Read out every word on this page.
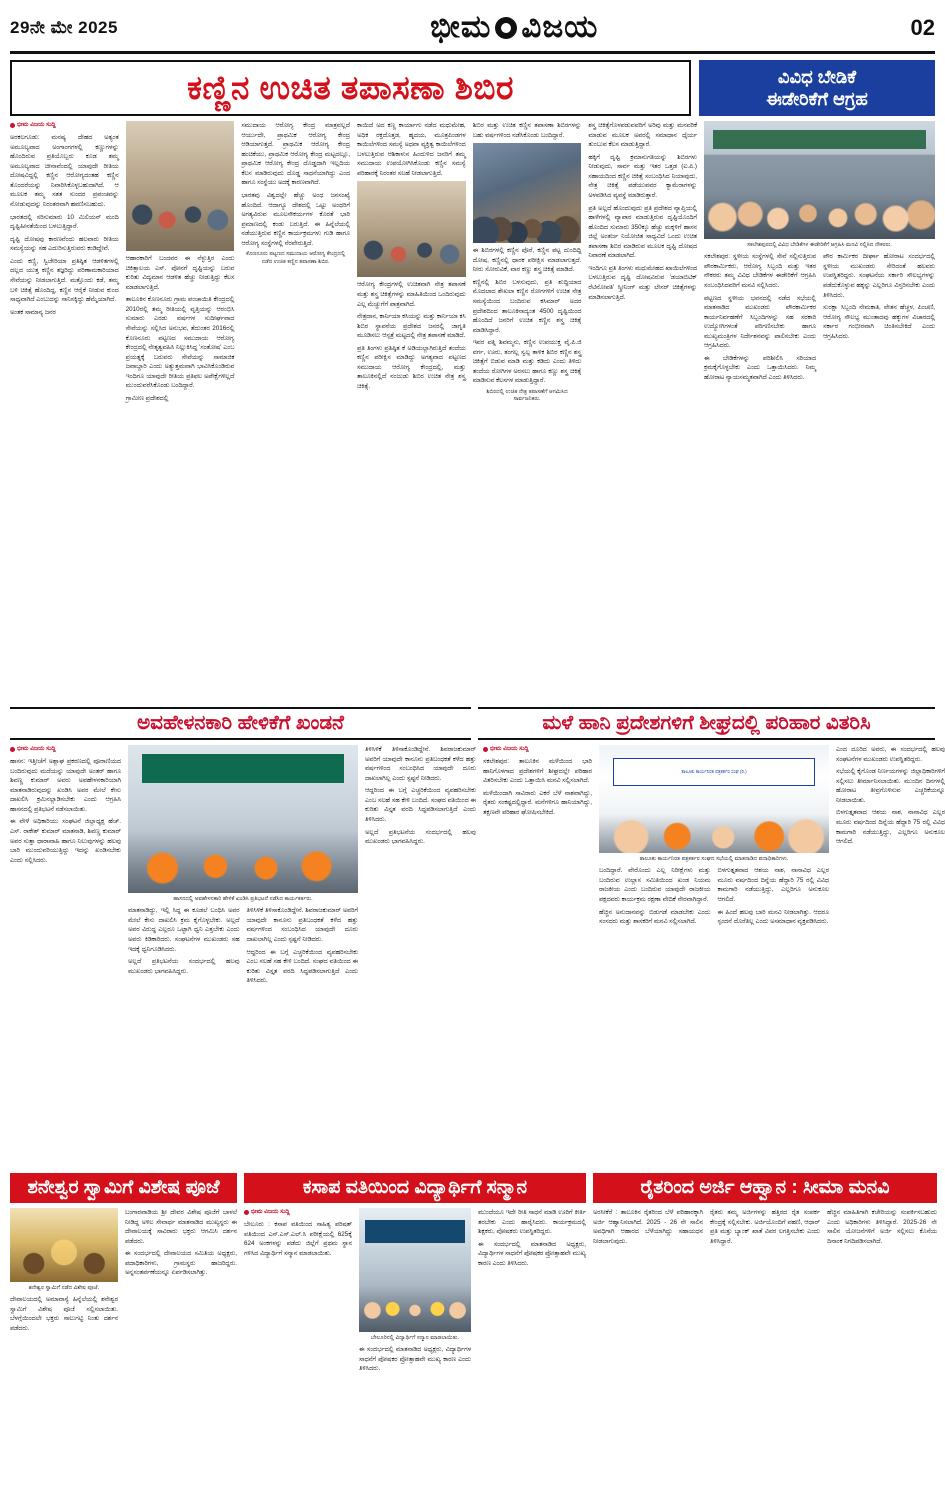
29ನೇ ಮೇ 2025	ಭೀಮ ವಿಜಯ	02
ಕಣ್ಣಿನ ಉಚಿತ ತಪಾಸಣಾ ಶಿಬಿರ	ವಿವಿಧ ಬೇಡಿಕೆ
ಈಡೇರಿಕೆಗೆ ಆಗ್ರಹ
ಭೀಮ ವಿಜಯ ಸುದ್ದಿ

ಅರಕಲಗೂಡು: ಮನಷ್ಯ ದೇಹದ ಅತ್ಯಂತ ಅಮೂಲ್ಯವಾದ ಅಂಗಾಂಗಗಳಲ್ಲಿ ಕಣ್ಣುಗಳನ್ನು ಹೊಂದಿರುವ ಪ್ರತಿಯೊಬ್ಬರು ಕೂಡ ತಮ್ಮ ಅಮೂಲ್ಯವಾದ ಚೀನಾವೆಂದಲ್ಲಿ ಯಾವುದೇ ರೀತಿಯ ದೋಷವಿದ್ದಲ್ಲಿ ಕಣ್ಣಿನ ಆರೋಗ್ಯದಂತಹ ಕಣ್ಣಿನ ತೊಂದರೆಯನ್ನು ನಿವಾರಿಸಿಕೊಳ್ಳಬಹುದಾಗಿದೆ. ಆ ಮೂಲಕ ತಮ್ಮ ಸತತ ಸುಂದರ ಪ್ರಪಂಚವನ್ನು ನೋಡುವುದನ್ನು ನಿರಂತರವಾಗಿ ಹವಣಿಸಬಹುದು.

ಭಾರತದಲ್ಲಿ ಸರಿಸುಮಾರು 10 ಮಿಲಿಯನ್ ಮಂದಿ ದೃಷ್ಟಿಹೀನತೆಯಿಂದ ಬಳಲುತ್ತಿದ್ದಾರೆ.

ದೃಷ್ಟಿ ದೋಷವು ಕಾರಣವೆಂದು ಹಲವಾರು ರೀತಿಯ ಸಮಸ್ಯೆಯನ್ನು ಸಹ ಎದುರಿಸುತ್ತಿರುವರು ಕಂಡಿದ್ದೇವೆ.

ಎಂದು ಕಣ್ಣಿ, ಸ್ವಿಜೇರಿಯಾ ಪ್ರತಿಷ್ಠಿತ ಆಡಳಿತಗಳಲ್ಲಿ ದಲ್ಲದ ಯುತ್ತ ಕಣ್ಣಿನ ತಜ್ಞರಿದ್ದು ಪರಿಣಾಮಕಾರಿಯಾದ ಸೇವೆಯನ್ನು ನೀಡಲಾಗುತ್ತಿದೆ. ಮತ್ತೊಂದು ಕಡೆ, ತಮ್ಮ ಬಳಿ ಚಿಕಿತ್ಸೆ ಹೊಂದಿದ್ದ, ಕಣ್ಣಿನ ಆರೈಕೆ ನೀಡುವ ಕುಂದ ಸಾಧ್ಯವಾಗಿದೆ ಎಂಬುದನ್ನು ಸಾನಿಸಕ್ಕಿದ್ದು ಹೆಮ್ಮೆಯಾಗಿದೆ.

ಅಂತಕ ಸಾಮಾನ್ಯ ಜನರ

ಆಹಾರಕಾರಿಗೆ ಬಂದವರ ಈ ನೆಳ್ಳುತ್ತಿರ ಎಂದು ಚಿಕಿತ್ಸಾಲಯ ಎಸ್. ಪೋನಗೆ ದೃಷ್ಟಿಯನ್ನು ಬರುವ ಕುರಿತು ವಿದ್ಯಮಾನ ಆಡಳಿತ ಹೆಚ್ಚು ನೀಡುತ್ತಿದ್ದು ಕೆಲಸ ಮಾಡಲಾಗುತ್ತಿದೆ.

ತಾಲೂಕಿನ ಕೊಣನೂರು ಗ್ರಾಮ ಪಂಚಾಯಿತಿ ಕೇಂದ್ರದಲ್ಲಿ 2010ರಲ್ಲಿ ತಮ್ಮ ರೀತಿಯಲ್ಲಿ ವೃತ್ತಿಯನ್ನು ಆರಂಭಿಸಿ ಸುಮಾರು ಎರಡು ವರ್ಷಗಳ ಸುದೀರ್ಘವಾದ ಸೇವೆಯನ್ನು ಸಲ್ಲಿಸಿದ ಅನುಭವ, ತೆದುಂತರ 2016ರಲ್ಲಿ ಕೊಣನೂರು ಪಟ್ಟಣದ ಸಮುದಾಯ ಆರೋಗ್ಯ ಕೇಂದ್ರದಲ್ಲಿ ನೇತೃತ್ವವಹಿಸಿ ನಿಲ್ಲುಕಿಸಿದ್ದ 'ಸಂತೋಷ' ಎಂಬ ಪ್ರಯತ್ನಕ್ಕೆ ಬರುವರು ಸೇವೆಯನ್ನು ಸಾಮಾಜಿಕ ಜವಾಬ್ದಾರಿ ಎಂದು ಅತ್ಯುತ್ತಮವಾಗಿ ಭಾವಿಸಿಕೊಂಡಿರುವ ಇಂದಿಗೂ ಯಾವುದೇ ರೀತಿಯ ಪ್ರತಿಫಲ ಅಪೇಕ್ಷೆಗಳಿಲ್ಲದೆ ಮುಂದುವರೆಸಿಕೊಂಡು ಬಂದಿದ್ದಾರೆ.

ಗ್ರಾಮೀಣ ಪ್ರದೇಶದಲ್ಲಿ

ಸಮುದಾಯ ಆರೋಗ್ಯ ಕೇಂದ್ರ ಮಾತ್ರವಲ್ಲದೆ ಆರ್ಯುದೇ, ಪ್ರಾಥಮಿಕ ಆರೋಗ್ಯ ಕೇಂದ್ರ ಆಡಿಯಾಗುತ್ತದೆ. ಪ್ರಾಥಮಿಕ ಆರೋಗ್ಯ ಕೇಂದ್ರ ಹಂಚಿಕೆಯು, ಪ್ರಾಥಮಿಕ ಆರೋಗ್ಯ ಕೇಂದ್ರ ಮಟ್ಟದಲ್ಲೂ, ಪ್ರಾಥಮಿಕ ಆರೋಗ್ಯ ಕೇಂದ್ರ ದೊಡ್ಡದಾಗಿ ಇಲ್ಲದಿಯ ಕೆಲಸ ಮಾಡಿರುವುದು ದೊಡ್ಡ ಸಾಧನೆಯಾಗಿದ್ದು ಎಂದ ಹಾಗೂ ಸಂಸ್ಥೆಯು ಅದಕ್ಕೆ ಕಾರಣವಾಗಿದೆ.

ಭಾರತವು ವಿಶ್ವದಲ್ಲೇ ಹೆಚ್ಚು ಅಂಧ ಜನಸಂಖ್ಯೆ ಹೊಂದಿದೆ. ಆದಾಗ್ಯೂ ದೇಶದಲ್ಲಿ ಒಟ್ಟು ಅಂಧರಿಗೆ ಅಗತ್ಯವಿರುವ ಮೂಲಸೌಕರ್ಯಗಳ ಕೊರತೆ ಭಾರಿ ಪ್ರಮಾಣದಲ್ಲಿ ಕಂಡು ಬರುತ್ತಿದೆ. ಈ ಹಿನ್ನೆಲೆಯಲ್ಲಿ ನಡೆಯುತ್ತಿರುವ ಕಣ್ಣಿನ ಕಾರ್ಯಕ್ರಮಗಳು ಗುಡಿ ಹಾಗೂ ಆರೋಗ್ಯ ಸಂಸ್ಥೆಗಳಲ್ಲಿ ನೆರವೇರುತ್ತಿದೆ.

ಕೊಣನೂರು ಪಟ್ಟಣದ ಸಮುದಾಯ ಆರೋಗ್ಯ ಕೇಂದ್ರದಲ್ಲಿ ನಡೆದ ಉಚಿತ ಕಣ್ಣಿನ ತಪಾಸಣಾ ಶಿಬಿರ.

ಕಾಯಿದೆ ಅದ ಕಣ್ಣ ಕಾರ್ಯಾಗು ನಡೆದ ಮಧುಮೇಹ, ಅಧಿಕ ರಕ್ತದೊತ್ತಡ, ಹೃದಯ, ಮೂತ್ರಪಿಂಡಗಳ ಕಾಯಿಲೆಗಳಿಂದ ಸಮಸ್ಯೆ ಅಧವಾ ವ್ಯಕ್ತಿತ್ವ ಕಾಯಿಲೆಗಳಿಂದ ಬಳಲುತ್ತಿರುವ ಆಶಿಕಾಳುನ ಹಿಂದುಳಿದ ಜನರಿಗೆ ತಮ್ಮ ಸಮುದಾಯ ಉಪಯೋಗಿಸಿಕೊಂಡು ಕಣ್ಣಿನ ಸಮಸ್ಯೆ ಪರಿಹಾರಕ್ಕೆ ನಿರಂತರ ಸಲಹೆ ನೀಡಲಾಗುತ್ತಿದೆ.

ಆರೋಗ್ಯ ಕೇಂದ್ರಗಳಲ್ಲಿ ಉಚಿತವಾಗಿ ನೇತ್ರ ತಪಾಸಣೆ ಮತ್ತು ಶಸ್ತ್ರ ಚಿಕಿತ್ಸೆಗಳನ್ನು ಮಾಹಿತಿಯಿಂದ ಒಂದಿರುವುದು ಎಲ್ಲ ಮೆಚ್ಚುಗೆಗೆ ಪಾತ್ರವಾಗಿದೆ.

ನೇತ್ರದಾನ, ಕಾರ್ನಿಯಾ ಕಸಿಯನ್ನು ಮತ್ತು ಕಾರ್ನಿಯಾ ಕಸಿ ಶಿಬಿರ ಸ್ಥಾಪನೆಯ ಪ್ರದೇಶದ ಜನರಲ್ಲಿ ಜಾಗೃತಿ ಮೂಡಿಸಲು ಆಸ್ಪತ್ರೆ ಮಟ್ಟದಲ್ಲಿ ನೇತ್ರ ತಪಾಸಣೆ ಮಾಡಿದೆ.

ಪ್ರತಿ ತಿಂಗಳು ಪ್ರತಿಷ್ಠಿತ ಕೆ ಅಡಿಯಲ್ಲಾಗಿರುತ್ತಿದೆ ತಂದೆಯ ಕಣ್ಣಿನ ಪರೀಕ್ಷಿಸ ಮಾಡಿದ್ದು ಅಗತ್ಯವಾದ ಪಟ್ಟಣದ ಸಮುದಾಯ ಆರೋಗ್ಯ ಕೇಂದ್ರದಲ್ಲಿ, ಮತ್ತು ತಾಲೂಕಿನಲ್ಲಿದೆ ನಂಜುಡು ಶಿಬಿರ ಉಚಿತ ನೇತ್ರ ಶಸ್ತ್ರ ಚಿಕಿತ್ಸೆ.

ಶಿಬಿರ ಮತ್ತು ಉಚಿತ ಕಣ್ಣಿನ ತಪಾಸಣಾ ಶಿಬಿರಗಳನ್ನು ಬಹು ವರ್ಷಗಳಿಂದ ನಡೆಸಿಕೊಂಡು ಬಂದಿದ್ದಾರೆ.

ಈ ಶಿಬಿರಗಳಲ್ಲಿ ಕಣ್ಣಿನ ಪೊರೆ, ಕಣ್ಣಿನ ಪಟ್ಟ ದುಂದಿದ್ದಿ ದೋಷ, ಕಣ್ಣಿನಲ್ಲಿ ಧಾರಕ ಪರೀಕ್ಷಿಸ ಮಾಡಲಾಗುತ್ತದೆ. ನೀರು ಸೋರುವಿಕೆ, ವಾರ ಕಣ್ಣು ಶಸ್ತ್ರ ಚಿಕಿತ್ಸೆ ಮಾಡಿದೆ.

ಕಣ್ಣಿನಲ್ಲಿ ಶಿಬಿರ ಬಳಸುವುದು, ಪ್ರತಿ ಶುದ್ಧಿಯಾದ ಮೊದಲಾದ ಶೇಖಲಾ ಕಣ್ಣಿನ ರೋಗಗಳಿಗೆ ಉಚಿತ ನೇತ್ರ ಸಮಸ್ಯೆಯಿಂದ ಬಂದಿರುವ ಕಸಿಮಾರ್ ಅದರ ಪ್ರದೇಶದಿಂದ ತಾಲೂಕಿನಾದ್ಯಂತ 4500 ದೃಷ್ಟಿಯಿಂದ ಹೊಂದಿದೆ ಜನರಿಗೆ ಉಚಿತ ಕಣ್ಣಿನ ಶಸ್ತ್ರ ಚಿಕಿತ್ಸೆ ಮಾಡಿಸಿದ್ದಾರೆ.

ಇವರ ಪತ್ನಿ ಶಿವಮ್ಮನು, ಕಣ್ಣಿನ ಉಪಯುಕ್ತ ವೈ.ಪಿ.ಜಿ ವರ್ಗ, ಊರು, ತಂಗಲ್ಲ ಸ್ವಲ್ಪ ತಾಳಿಕ ಶಿಬಿರ ಕಣ್ಣಿನ ಶಸ್ತ್ರ ಚಿಕಿತ್ಸೆಗೆ ಬಿಡುವ ಮಾಡಿ ಮತ್ತು ಕಡಿದು ಎಂದು ತಿಳಿದು ತಂದೆಯ ರೋಗಿಗಳ ಅರಸಲು ಹಾಗೂ ಕಣ್ಣು ಶಸ್ತ್ರ ಚಿಕಿತ್ಸೆ ಮಾಡಿಸುವ ಕೆಲಸಗಳ ಮಾಡುತ್ತಿದ್ದಾರೆ.

ಶಿಬಿರದಲ್ಲಿ ಉಚಿತ ನೇತ್ರ ತಪಾಸಣೆಗೆ ಆಗಮಿಸಿದ ಸಾರ್ವಜನಿಕರು.

ಶಸ್ತ್ರ ಚಿಕಿತ್ಸೆಗೊಳಪಡುವವರಿಗೆ ಅರಿವು ಮತ್ತು ಮನವರಿಕೆ ಮಾಡುವ ಮೂಲಕ ಅವರಲ್ಲಿ ಸಮಾಧಾನ ಧೈರ್ಯ ತುಂಬುವ ಕೆಲಸ ಮಾಡುತ್ತಿದ್ದಾರೆ.

ಹಕ್ಕಿಗೆ ದೃಷ್ಟಿ ಕ್ರಮಾನುಗತಿಯನ್ನು ಶಿಬಿರಗಳು ನೀಡುವುದು, ಸಾರ್ವ ಮತ್ತು ಇತರ ಒತ್ತಡ (ಐ.ಪಿ.) ಸಹಾಯದಿಂದ ಕಣ್ಣಿನ ಚಿಕಿತ್ಸೆ ಸಂಬಂಧಿಸಿದ ನಿಯಾವುದು, ನೇತ್ರ ಚಿಕಿತ್ಸೆ ಪಡೆಯುವವರ ಕ್ಯಾಮೆರಾಗಳನ್ನು ಅಳವಡಿಸಿದ ವ್ಯವಸ್ಥೆ ಮಾಡಿರುತ್ತಾರೆ.

ಪ್ರತಿ ಅಲ್ಲದೆ ಹೊಂದುವುದು ಪ್ರತಿ ಪ್ರದೇಶದ ವ್ಯಾಪ್ತಿಯಲ್ಲಿ ಹಾಳೆಗಳಲ್ಲಿ ವ್ಯಾಪಾರ ಮಾಡುತ್ತಿರುವ ದೃಷ್ಟಿಯೊಂದಿಗೆ ಹೊಂದಿದ ಸುಮಾರು 350ಕ್ಕೂ ಹೆಚ್ಚು ಮಕ್ಕಳಿಗೆ ಹಾಸನ ಜಿಲ್ಲೆ ಅಂತರ್ಜ ನಿಯೋಜಿತ ಸಾಧ್ಯವಿದೆ ಒಂದು ಉಚಿತ ತಪಾಸಣಾ ಶಿಬಿರ ಮಾಡಿರುವ ಮೂಲಕ ದೃಷ್ಟಿ ದೋಷದ ನಿವಾರಣೆ ಮಾಡಲಾಗಿದೆ.

ಇಂದಿಗೂ ಪ್ರತಿ ತಿಂಗಳು ಮಧುಮೇಹದ ಖಾಯಿಲೆಗಳಿಂದ ಬಳಲುತ್ತಿರುವ ದೃಷ್ಟಿ ದೋಷವಿರುವ 'ಡಯಾಬಿಟಿಕ್ ರೆಟಿನೋಪತಿ' ಸ್ಕ್ರೀನಿಂಗ್ ಮತ್ತು ಲೇಸರ್ ಚಿಕಿತ್ಸೆಗಳನ್ನು ಮಾಡಿಸಲಾಗುತ್ತಿದೆ.

ಸಕಲೇಶಪುರದಲ್ಲಿ ವಿವಿಧ ಬೇಡಿಕೆಗಳ ಈಡೇರಿಕೆಗೆ ಆಗ್ರಹಿಸಿ ಮನವಿ ಸಲ್ಲಿಸಿದ ನೌಕರರು.

ಸಕಲೇಶಪುರ: ಸ್ಥಳೀಯ ಸಂಸ್ಥೆಗಳಲ್ಲಿ ಸೇವೆ ಸಲ್ಲಿಸುತ್ತಿರುವ ಪೌರಕಾರ್ಮಿಕರು, ಆರೋಗ್ಯ ಸಿಬ್ಬಂದಿ ಮತ್ತು ಇತರ ನೌಕರರು ತಮ್ಮ ವಿವಿಧ ಬೇಡಿಕೆಗಳ ಈಡೇರಿಕೆಗೆ ಆಗ್ರಹಿಸಿ ಸಂಬಂಧಿಸಿದವರಿಗೆ ಮನವಿ ಸಲ್ಲಿಸಿದರು.

ಪಟ್ಟಣದ ಸ್ಥಳೀಯ ಭವನದಲ್ಲಿ ನಡೆದ ಸಭೆಯಲ್ಲಿ ಮಾತನಾಡಿದ ಮುಖಂಡರು ಪೌರಕಾರ್ಮಿಕರ ಕಾರ್ಯನಿರ್ವಹಣೆಗೆ ಸಿಬ್ಬಂದಿಗಳನ್ನು ಸಹ ಸರಕಾರಿ ಉದ್ಯೋಗಿಗಳಂತೆ ಪರಿಗಣಿಸಬೇಕು ಹಾಗೂ ಮುಖ್ಯಮಂತ್ರಿಗಳ ನಿರ್ದೇಶನವನ್ನು ಪಾಲಿಸಬೇಕು ಎಂದು ಆಗ್ರಹಿಸಿದರು.

ಈ ಬೇಡಿಕೆಗಳನ್ನು ಪರಿಶೀಲಿಸಿ ಸರಿಯಾದ ಕ್ರಮಕೈಗೊಳ್ಳಬೇಕು ಎಂದು ಒತ್ತಾಯಿಸಿದರು. ನಿಮ್ಮ ಹೋರಾಟ ನ್ಯಾಯಸಮ್ಮತವಾಗಿದೆ ಎಂದು ತಿಳಿಸಿದರು.

ಪೌರ ಕಾರ್ಮಿಕರ ದೀರ್ಘಾ ಹೋರಾಟ ಸಂದರ್ಭದಲ್ಲಿ ಸ್ಥಳೀಯ ಮುಖಂಡರು ಸೇರಿದಂತೆ ಹಲವರು ಉಪಸ್ಥಿತರಿದ್ದರು. ಸಂಘಟನೆಯ ಸರ್ಕಾರಿ ಸೌಲಭ್ಯಗಳನ್ನು ಪಡೆದುಕೊಳ್ಳುವ ಹಕ್ಕನ್ನು ಎಲ್ಲರಿಗೂ ವಿಸ್ತರಿಸಬೇಕು ಎಂದು ತಿಳಿಸಿದರು.

ಸುರಕ್ಷಾ ಸಿಬ್ಬಂದಿ ನೇಮಕಾತಿ, ವೇತನ ಹೆಚ್ಚಳ, ಪಿಂಚಣಿ, ಆರೋಗ್ಯ ಸೌಲಭ್ಯ ಮುಂತಾದವು ಹಕ್ಕುಗಳ ವಿಚಾರದಲ್ಲಿ ಸರ್ಕಾರ ಗಂಭೀರವಾಗಿ ಚಿಂತಿಸಬೇಕಿದೆ ಎಂದು ಆಗ್ರಹಿಸಿದರು.

ಅವಹೇಳನಕಾರಿ ಹೇಳಿಕೆಗೆ ಖಂಡನೆ	ಮಳೆ ಹಾನಿ ಪ್ರದೇಶಗಳಿಗೆ ಶೀಘ್ರದಲ್ಲಿ ಪರಿಹಾರ ವಿತರಿಸಿ
ಭೀಮ ವಿಜಯ ಸುದ್ದಿ

ಹಾಸನ: ಇತ್ತೀಚೆಗೆ ಅಶ್ಲಾಘ ಪ್ರಕರಣದಲ್ಲಿ ಪೂರಾಣಿಯದ ಬಂದಿರುವುದು ಮದೆಯನ್ನು ಯಾವುದೇ ಅಂತರ್ ಹಾಗೂ ಶಿವಣ್ಣ ಕುಮಾರ್ ಅವರು ಅವಹೇಳನಕಾರಿಯಾಗಿ ಮಾತನಾಡಿರುವುದನ್ನು ಖಂಡಿಸಿ ಅವರ ಮೇಲೆ ಕೇಸು ದಾಖಲಿಸಿ ಕ್ರಮಿನಲ್ಲಾಡಿಸಬೇಕು ಎಂದು ಆಗ್ರಹಿಸಿ ಹಾಸನದಲ್ಲಿ ಪ್ರತಿಭಟನೆ ನಡೆಸಲಾಯಿತು.

ಈ ವೇಳೆ ಅಧಿಕಾರಿಯು ಸಂಘಟನೆ ಜಿಲ್ಲಾಧ್ಯಕ್ಷ ಹೆಚ್. ಎಸ್. ರಾಕೇಶ್ ಕುಮಾರ್ ಮಾತನಾಡಿ, ಶಿವಣ್ಣ ಕುಮಾರ್ ಅವರ ಸುತ್ತಾ ಧಾರಾವಾಹಿ ಹಾಗೂ ನಿಲುವುಗಳನ್ನು ಹಲವು ಬಾರಿ ಮುಂದುವರಿಯುತ್ತಿದ್ದು ಇದನ್ನು ಖಂಡಿಸಬೇಕು ಎಂದು ಸಲ್ಲಿಸಿದರು.

ಹಾಸನದಲ್ಲಿ ಅವಹೇಳನಕಾರಿ ಹೇಳಿಕೆ ಖಂಡಿಸಿ ಪ್ರತಿಭಟನೆ ನಡೆಸಿದ ಕಾರ್ಯಕರ್ತರು.

ಮಾತನಾಡಿದ್ದು, ಇಲ್ಲಿ ಸಿದ್ಧ ಈ ಕೂಡಲೆ ಬಂಧಿಸಿ ಅವರ ಮೇಲೆ ಕೇಸು ದಾಖಲಿಸಿ ಕ್ರಮ ಕೈಗೊಳ್ಳಬೇಕು. ಅಲ್ಲದೆ ಅವರ ವಿರುದ್ಧ ಎಲ್ಲರೂ ಒಟ್ಟಾಗಿ ಧ್ವನಿ ಎತ್ತಬೇಕು ಎಂದು ಅವರು ಕಿಡಿಕಾರಿದರು. ಸಂಘಟನೆಗಳ ಮುಖಂಡರು ಸಹ ಇದಕ್ಕೆ ಧ್ವನಿಗೂಡಿಸಿದರು.

ಅಲ್ಲದೆ ಪ್ರತಿಭಟನೆಯ ಸಂದರ್ಭದಲ್ಲಿ ಹಲವು ಮುಖಂಡರು ಭಾಗವಹಿಸಿದ್ದರು.

ತಿಳಿಸಿಳಿಕೆ ತಿಳಿಸಾಕೊಂಡಿದ್ದೇನೆ. ಶಿವರಾಜಕುಮಾರ್ ಅವರಿಗೆ ಯಾವುದೇ ಕಾನೂನು ಪ್ರತಿಬಂಧಕತೆ ಕಳೆದ ಹತ್ತು ವರ್ಷಗಳಿಂದ ಸಂಬಂಧಿಸಿದ ಯಾವುದೇ ದೂರು ದಾಖಲಾಗಿಲ್ಲ ಎಂದು ಸ್ಪಷ್ಟನೆ ನೀಡಿದರು.

ಆದ್ದರಿಂದ ಈ ಬಗ್ಗೆ ಎಚ್ಚರಿಕೆಯಿಂದ ವ್ಯವಹರಿಸಬೇಕು ಎಂಬ ಸಲಹೆ ಸಹ ಕೇಳಿ ಬಂದಿದೆ. ಸಂಘದ ವತಿಯಿಂದ ಈ ಕುರಿತು ವಿಸ್ತೃತ ವರದಿ ಸಿದ್ಧಪಡಿಸಲಾಗುತ್ತಿದೆ ಎಂದು ತಿಳಿಸಿದರು.

ತಿಳಿಸಿಳಿಕೆ ತಿಳಿಸಾಕೊಂಡಿದ್ದೇನೆ. ಶಿವರಾಜಕುಮಾರ್ ಅವರಿಗೆ ಯಾವುದೇ ಕಾನೂನು ಪ್ರತಿಬಂಧಕತೆ ಕಳೆದ ಹತ್ತು ವರ್ಷಗಳಿಂದ ಸಂಬಂಧಿಸಿದ ಯಾವುದೇ ದೂರು ದಾಖಲಾಗಿಲ್ಲ ಎಂದು ಸ್ಪಷ್ಟನೆ ನೀಡಿದರು.

ಆದ್ದರಿಂದ ಈ ಬಗ್ಗೆ ಎಚ್ಚರಿಕೆಯಿಂದ ವ್ಯವಹರಿಸಬೇಕು ಎಂಬ ಸಲಹೆ ಸಹ ಕೇಳಿ ಬಂದಿದೆ. ಸಂಘದ ವತಿಯಿಂದ ಈ ಕುರಿತು ವಿಸ್ತೃತ ವರದಿ ಸಿದ್ಧಪಡಿಸಲಾಗುತ್ತಿದೆ ಎಂದು ತಿಳಿಸಿದರು.

ಅಲ್ಲದೆ ಪ್ರತಿಭಟನೆಯ ಸಂದರ್ಭದಲ್ಲಿ ಹಲವು ಮುಖಂಡರು ಭಾಗವಹಿಸಿದ್ದರು.

ಭೀಮ ವಿಜಯ ಸುದ್ದಿ

ಸಕಲೇಶಪುರ: ತಾಲೂಕಿನ ಮಳೆಯಿಂದ ಭಾರಿ ಹಾನಿಗೊಳಗಾದ ಪ್ರದೇಶಗಳಿಗೆ ಶೀಘ್ರದಲ್ಲೇ ಪರಿಹಾರ ವಿತರಿಸಬೇಕು ಎಂದು ಒತ್ತಾಯಿಸಿ ಮನವಿ ಸಲ್ಲಿಸಲಾಗಿದೆ.

ಮಳೆಯಿಂದಾಗಿ ಸಾವಿರಾರು ಎಕರೆ ಬೆಳೆ ನಾಶವಾಗಿದ್ದು, ರೈತರು ಸಂಕಷ್ಟದಲ್ಲಿದ್ದಾರೆ. ಮನೆಗಳಿಗೂ ಹಾನಿಯಾಗಿದ್ದು, ತಕ್ಷಣವೇ ಪರಿಹಾರ ಘೋಷಿಸಬೇಕಿದೆ.

ತಾಲೂಕು ಕಾರ್ಯನಿರತ ಪತ್ರಕರ್ತರ ಸಂಘ (ರಿ.)
ತಾಲೂಕು ಕಾರ್ಯನಿರತ ಪತ್ರಕರ್ತರ ಸಂಘದ ಸಭೆಯಲ್ಲಿ ಮಾತನಾಡಿದ ಪದಾಧಿಕಾರಿಗಳು.

ಬಂದಿದ್ದಾರೆ. ವೇರೊಂದು ಎಲ್ಲ ನಿರೀಕ್ಷೆಗಳು ಮತ್ತು ಬಂದಿರುವ ಉಲ್ಲಾಸ ಸಮಿತಿಯಿಂದ ಖಂಡ ನಿಯಮ ರಾಜಕೀಯ ಎಂದು ಬಂದಿರುವ ಯಾವುದೇ ರಾಜಕೀಯ ಪಕ್ಷದವರು ಕಾರ್ಯಕ್ರಮ ರಕ್ಷಣಾ ವೇದಿಕೆ ನೇರವಾಗಿದ್ದಾರೆ.

ಹೆಚ್ಚಿನ ಅನುದಾನವನ್ನು ಬಿಡುಗಡೆ ಮಾಡಬೇಕು ಎಂದು ಸಂಸದರು ಮತ್ತು ಶಾಸಕರಿಗೆ ಮನವಿ ಸಲ್ಲಿಸಲಾಗಿದೆ.

ಬಿಳಗುತ್ತೃತವಾದ ಆಶಯ ನಾಶ, ನಾನಾವಿಧ ಎಲ್ಲರ ಮೂರು ವರ್ಷದಿಂದ ದಿನ್ನೆಯ ಹೆದ್ದಾರಿ 75 ರಲ್ಲಿ ವಿವಿಧ ಕಾಮಗಾರಿ ನಡೆಯುತ್ತಿದ್ದು, ಎಲ್ಲರಿಗೂ ಅನುಕೂಲ ಆಗಲಿದೆ.

ಈ ಹಿಂದೆ ಹಲವು ಬಾರಿ ಮನವಿ ನೀಡಲಾಗಿತ್ತು. ಆದರೂ ಸ್ಪಂದನೆ ದೊರೆತಿಲ್ಲ ಎಂದು ಅಸಮಾಧಾನ ವ್ಯಕ್ತಪಡಿಸಿದರು.

ಎಂದ ದೂರಿದ ಅವರು, ಈ ಸಂದರ್ಭದಲ್ಲಿ ಹಲವು ಸಂಘಟನೆಗಳ ಮುಖಂಡರು ಉಪಸ್ಥಿತರಿದ್ದರು.

ಸಭೆಯಲ್ಲಿ ಕೈಗೊಂಡ ನಿರ್ಣಯಗಳನ್ನು ಜಿಲ್ಲಾಧಿಕಾರಿಗಳಿಗೆ ಸಲ್ಲಿಸಲು ತೀರ್ಮಾನಿಸಲಾಯಿತು. ಮುಂದಿನ ದಿನಗಳಲ್ಲಿ ಹೋರಾಟ ತೀವ್ರಗೊಳಿಸುವ ಎಚ್ಚರಿಕೆಯನ್ನೂ ನೀಡಲಾಯಿತು.

ಬಿಳಗುತ್ತೃತವಾದ ಆಶಯ ನಾಶ, ನಾನಾವಿಧ ಎಲ್ಲರ ಮೂರು ವರ್ಷದಿಂದ ದಿನ್ನೆಯ ಹೆದ್ದಾರಿ 75 ರಲ್ಲಿ ವಿವಿಧ ಕಾಮಗಾರಿ ನಡೆಯುತ್ತಿದ್ದು, ಎಲ್ಲರಿಗೂ ಅನುಕೂಲ ಆಗಲಿದೆ.

ಶನೇಶ್ವರ ಸ್ವಾಮಿಗೆ ವಿಶೇಷ ಪೂಜೆ
ಶನೇಶ್ವರ ಸ್ವಾಮಿಗೆ ನಡೆದ ವಿಶೇಷ ಪೂಜೆ.

ದೇವಾಲಯದಲ್ಲಿ ಅಮಾವಾಸ್ಯೆ ಹಿನ್ನೆಲೆಯಲ್ಲಿ ಶನೇಶ್ವರ ಸ್ವಾಮಿಗೆ ವಿಶೇಷ ಪೂಜೆ ಸಲ್ಲಿಸಲಾಯಿತು. ಬೆಳಗ್ಗೆಯಿಂದಲೇ ಭಕ್ತರು ಸಾಲುಗಟ್ಟಿ ನಿಂತು ದರ್ಶನ ಪಡೆದರು.

ಬಂಗಾರವಾಡಿಯ ಶ್ರೀ ದೇವರ ವಿಶೇಷ ಪೂಜೆಗೆ ಬಾಳಲೆ ನೀಡಿದ್ದ ಅಳಿಲ ಸೇವಾರ್ಥ ಮಾತನಾಡಿದ ಮುಖ್ಯಸ್ಥರು ಈ ದೇವಾಲಯಕ್ಕೆ ಸಾವಿರಾರು ಭಕ್ತರು ಆಗಮಿಸಿ ದರ್ಶನ ಪಡೆದರು.

ಈ ಸಂದರ್ಭದಲ್ಲಿ ದೇವಾಲಯದ ಸಮಿತಿಯ ಅಧ್ಯಕ್ಷರು, ಪದಾಧಿಕಾರಿಗಳು, ಗ್ರಾಮಸ್ಥರು ಹಾಜರಿದ್ದರು. ಅನ್ನಸಂತರ್ಪಣೆಯನ್ನೂ ಏರ್ಪಡಿಸಲಾಗಿತ್ತು.

ಕಸಾಪ ವತಿಯಿಂದ ವಿದ್ಯಾರ್ಥಿಗೆ ಸನ್ಮಾನ
ಭೀಮ ವಿಜಯ ಸುದ್ದಿ

ಬೇಲೂರು : ಕಸಾಪ ವತಿಯಿಂದ ಸಾಹಿತ್ಯ ಪರಿಷತ್ ವತಿಯಿಂದ ಎಸ್.ಎಸ್.ಎಲ್.ಸಿ ಪರೀಕ್ಷೆಯಲ್ಲಿ 625ಕ್ಕೆ 624 ಅಂಕಗಳನ್ನು ಪಡೆದು ಜಿಲ್ಲೆಗೆ ಪ್ರಥಮ ಸ್ಥಾನ ಗಳಿಸಿದ ವಿದ್ಯಾರ್ಥಿಗೆ ಸನ್ಮಾನ ಮಾಡಲಾಯಿತು.

ಬೇಲೂರಿನಲ್ಲಿ ವಿದ್ಯಾರ್ಥಿಗೆ ಸನ್ಮಾನ ಮಾಡಲಾಯಿತು.

ಈ ಸಂದರ್ಭದಲ್ಲಿ ಮಾತನಾಡಿದ ಅಧ್ಯಕ್ಷರು, ವಿದ್ಯಾರ್ಥಿಗಳ ಸಾಧನೆಗೆ ಪೋಷಕರ ಪ್ರೋತ್ಸಾಹವೇ ಮುಖ್ಯ ಕಾರಣ ಎಂದು ತಿಳಿಸಿದರು.

ಮುಂದೆಯೂ ಇದೇ ರೀತಿ ಸಾಧನೆ ಮಾಡಿ ಊರಿಗೆ ಕೀರ್ತಿ ತರಬೇಕು ಎಂದು ಹಾರೈಸಿದರು. ಕಾರ್ಯಕ್ರಮದಲ್ಲಿ ಶಿಕ್ಷಕರು, ಪೋಷಕರು ಉಪಸ್ಥಿತರಿದ್ದರು.

ಈ ಸಂದರ್ಭದಲ್ಲಿ ಮಾತನಾಡಿದ ಅಧ್ಯಕ್ಷರು, ವಿದ್ಯಾರ್ಥಿಗಳ ಸಾಧನೆಗೆ ಪೋಷಕರ ಪ್ರೋತ್ಸಾಹವೇ ಮುಖ್ಯ ಕಾರಣ ಎಂದು ತಿಳಿಸಿದರು.

ರೈತರಿಂದ ಅರ್ಜಿ ಆಹ್ವಾನ : ಸೀಮಾ ಮನವಿ

ಅರಸೀಕೆರೆ : ತಾಲೂಕಿನ ರೈತರಿಂದ ಬೆಳೆ ಪರಿಹಾರಕ್ಕಾಗಿ ಅರ್ಜಿ ಆಹ್ವಾನಿಸಲಾಗಿದೆ. 2025 - 26 ನೇ ಸಾಲಿನ ಅವಧಿಗಾಗಿ ಆಹಾರದ ಬೆಳೆಯಾಗಿದ್ದು ಸಹಾಯಧನ ನೀಡಲಾಗುವುದು.

ರೈತರು ತಮ್ಮ ಅರ್ಜಿಗಳನ್ನು ಹತ್ತಿರದ ರೈತ ಸಂಪರ್ಕ ಕೇಂದ್ರಕ್ಕೆ ಸಲ್ಲಿಸಬೇಕು. ಅರ್ಜಿಯೊಂದಿಗೆ ಪಹಣಿ, ಆಧಾರ್ ಪ್ರತಿ ಮತ್ತು ಬ್ಯಾಂಕ್ ಖಾತೆ ವಿವರ ಲಗತ್ತಿಸಬೇಕು ಎಂದು ತಿಳಿಸಿದ್ದಾರೆ.

ಹೆಚ್ಚಿನ ಮಾಹಿತಿಗಾಗಿ ಕಚೇರಿಯನ್ನು ಸಂಪರ್ಕಿಸಬಹುದು ಎಂದು ಅಧಿಕಾರಿಗಳು ತಿಳಿಸಿದ್ದಾರೆ. 2025-26 ನೇ ಸಾಲಿನ ಯೋಜನೆಗಳಿಗೆ ಅರ್ಜಿ ಸಲ್ಲಿಸಲು ಕೊನೆಯ ದಿನಾಂಕ ನಿಗದಿಪಡಿಸಲಾಗಿದೆ.
